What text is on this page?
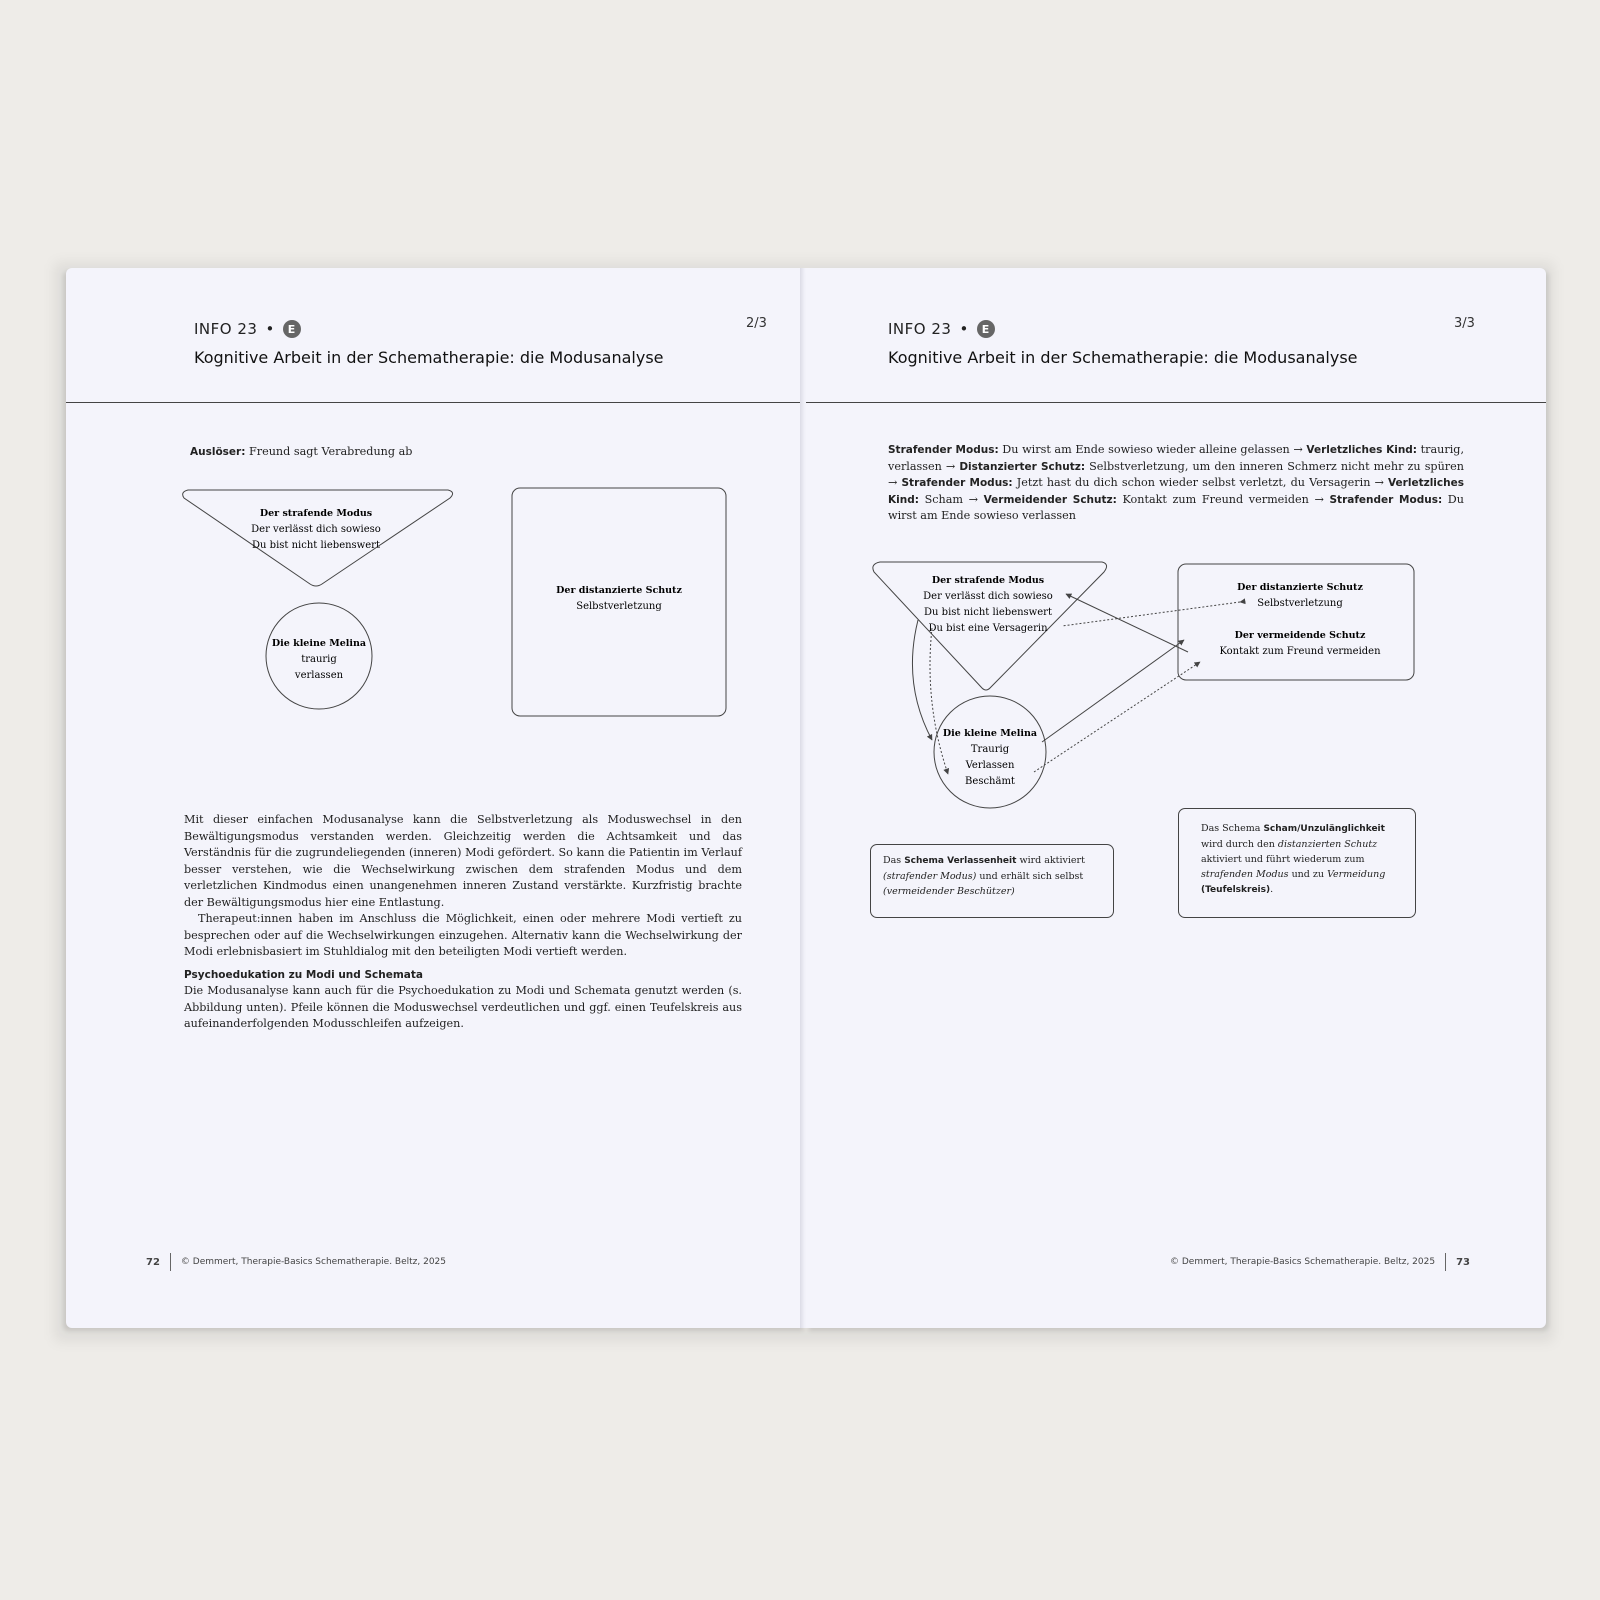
INFO 23 •	E	2/3
Kognitive Arbeit in der Schematherapie: die Modusanalyse
Auslöser: Freund sagt Verabredung ab
Der strafende Modus
Der verlässt dich sowieso
Du bist nicht liebenswert
Die kleine Melina
traurig
verlassen
Der distanzierte Schutz
Selbstverletzung

Mit dieser einfachen Modusanalyse kann die Selbstverletzung als Moduswechsel in den Bewältigungsmodus verstanden werden. Gleichzeitig werden die Achtsamkeit und das Verständnis für die zugrundeliegenden (inneren) Modi gefördert. So kann die Patientin im Verlauf besser verstehen, wie die Wechselwirkung zwischen dem strafenden Modus und dem verletzlichen Kindmodus einen unangenehmen inneren Zustand verstärkte. Kurzfristig brachte der Bewältigungsmodus hier eine Entlastung.

Therapeut:innen haben im Anschluss die Möglichkeit, einen oder mehrere Modi vertieft zu besprechen oder auf die Wechselwirkungen einzugehen. Alternativ kann die Wechselwirkung der Modi erlebnisbasiert im Stuhldialog mit den beteiligten Modi vertieft werden.

Psychoedukation zu Modi und Schemata

Die Modusanalyse kann auch für die Psychoedukation zu Modi und Schemata genutzt werden (s. Abbildung unten). Pfeile können die Moduswechsel verdeutlichen und ggf. einen Teufelskreis aus aufeinanderfolgenden Modusschleifen aufzeigen.

72 © Demmert, Therapie-Basics Schematherapie. Beltz, 2025
INFO 23 •	E	3/3
Kognitive Arbeit in der Schematherapie: die Modusanalyse
Strafender Modus: Du wirst am Ende sowieso wieder alleine gelassen → Verletzliches Kind: traurig, verlassen → Distanzierter Schutz: Selbstverletzung, um den inneren Schmerz nicht mehr zu spüren → Strafender Modus: Jetzt hast du dich schon wieder selbst verletzt, du Versagerin → Verletzliches Kind: Scham → Vermeidender Schutz: Kontakt zum Freund vermeiden → Strafender Modus: Du wirst am Ende sowieso verlassen
Der strafende Modus
Der verlässt dich sowieso
Du bist nicht liebenswert
Du bist eine Versagerin
Der distanzierte Schutz
Selbstverletzung
Der vermeidende Schutz
Kontakt zum Freund vermeiden
Die kleine Melina
Traurig
Verlassen
Beschämt
Das Schema Verlassenheit wird aktiviert (strafender Modus) und erhält sich selbst (vermeidender Beschützer)
Das Schema Scham/Unzulänglichkeit wird durch den distanzierten Schutz aktiviert und führt wiederum zum strafenden Modus und zu Vermeidung (Teufelskreis).
© Demmert, Therapie-Basics Schematherapie. Beltz, 2025 73
